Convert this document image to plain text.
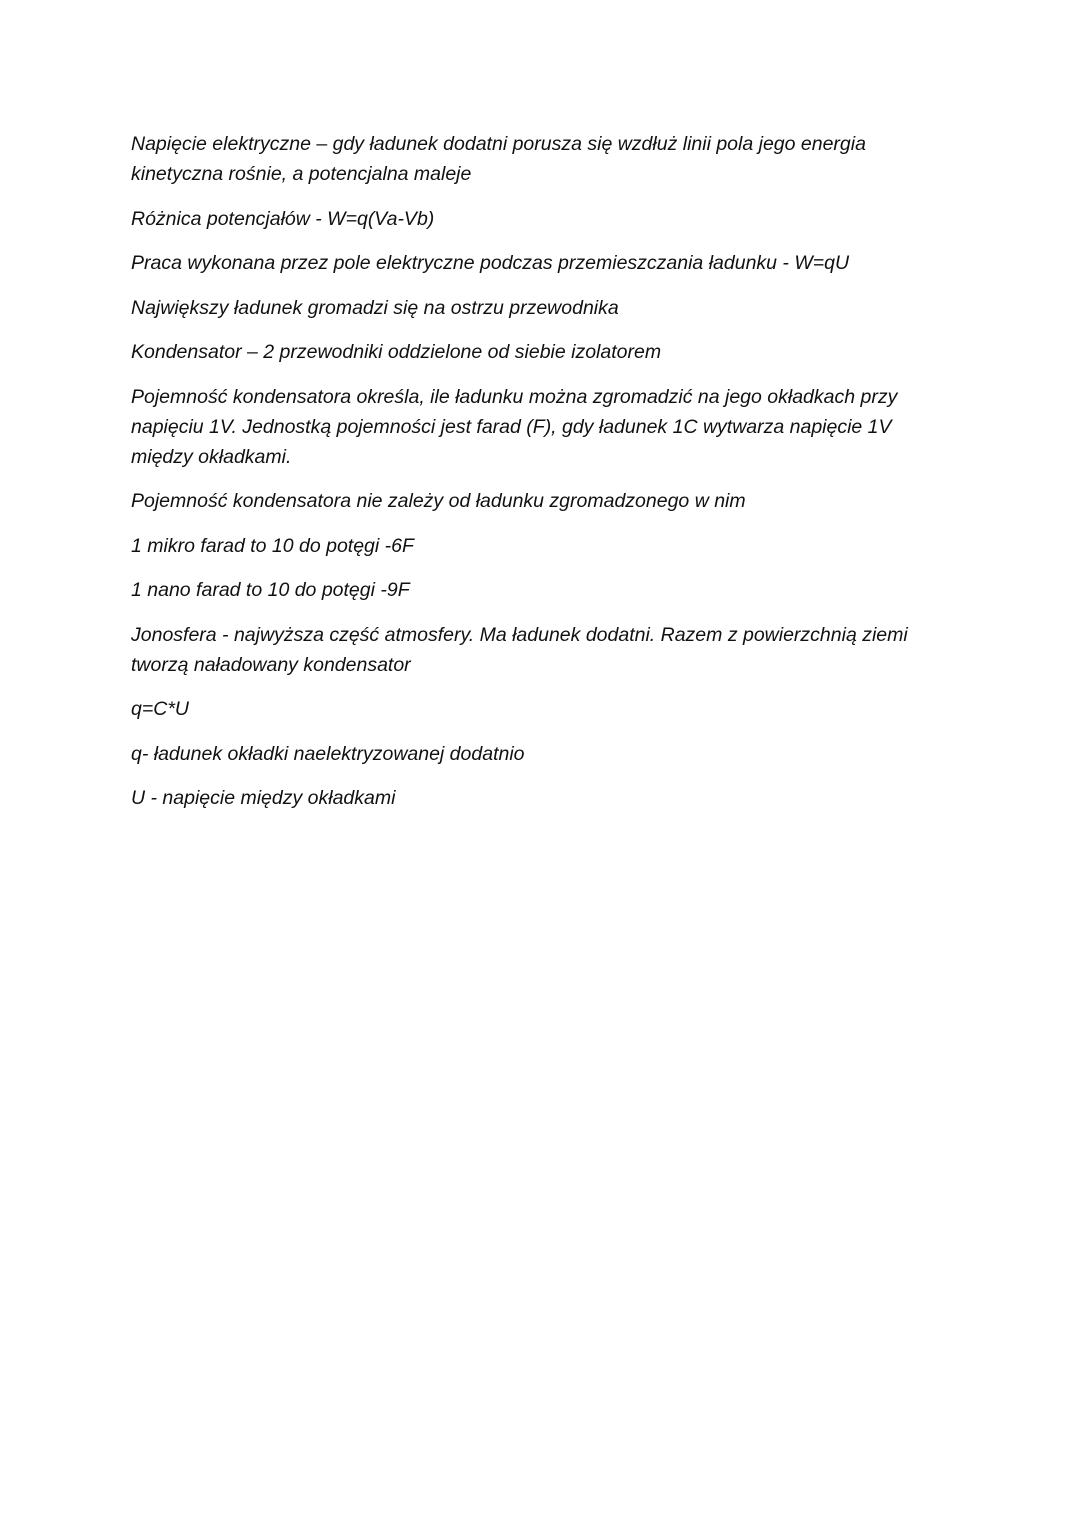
Napięcie elektryczne – gdy ładunek dodatni porusza się wzdłuż linii pola jego energia
kinetyczna rośnie, a potencjalna maleje

Różnica potencjałów - W=q(Va-Vb)

Praca wykonana przez pole elektryczne podczas przemieszczania ładunku - W=qU

Największy ładunek gromadzi się na ostrzu przewodnika

Kondensator – 2 przewodniki oddzielone od siebie izolatorem

Pojemność kondensatora określa, ile ładunku można zgromadzić na jego okładkach przy
napięciu 1V. Jednostką pojemności jest farad (F), gdy ładunek 1C wytwarza napięcie 1V
między okładkami.

Pojemność kondensatora nie zależy od ładunku zgromadzonego w nim

1 mikro farad to 10 do potęgi -6F

1 nano farad to 10 do potęgi -9F

Jonosfera - najwyższa część atmosfery. Ma ładunek dodatni. Razem z powierzchnią ziemi
tworzą naładowany kondensator

q=C*U

q- ładunek okładki naelektryzowanej dodatnio

U - napięcie między okładkami
